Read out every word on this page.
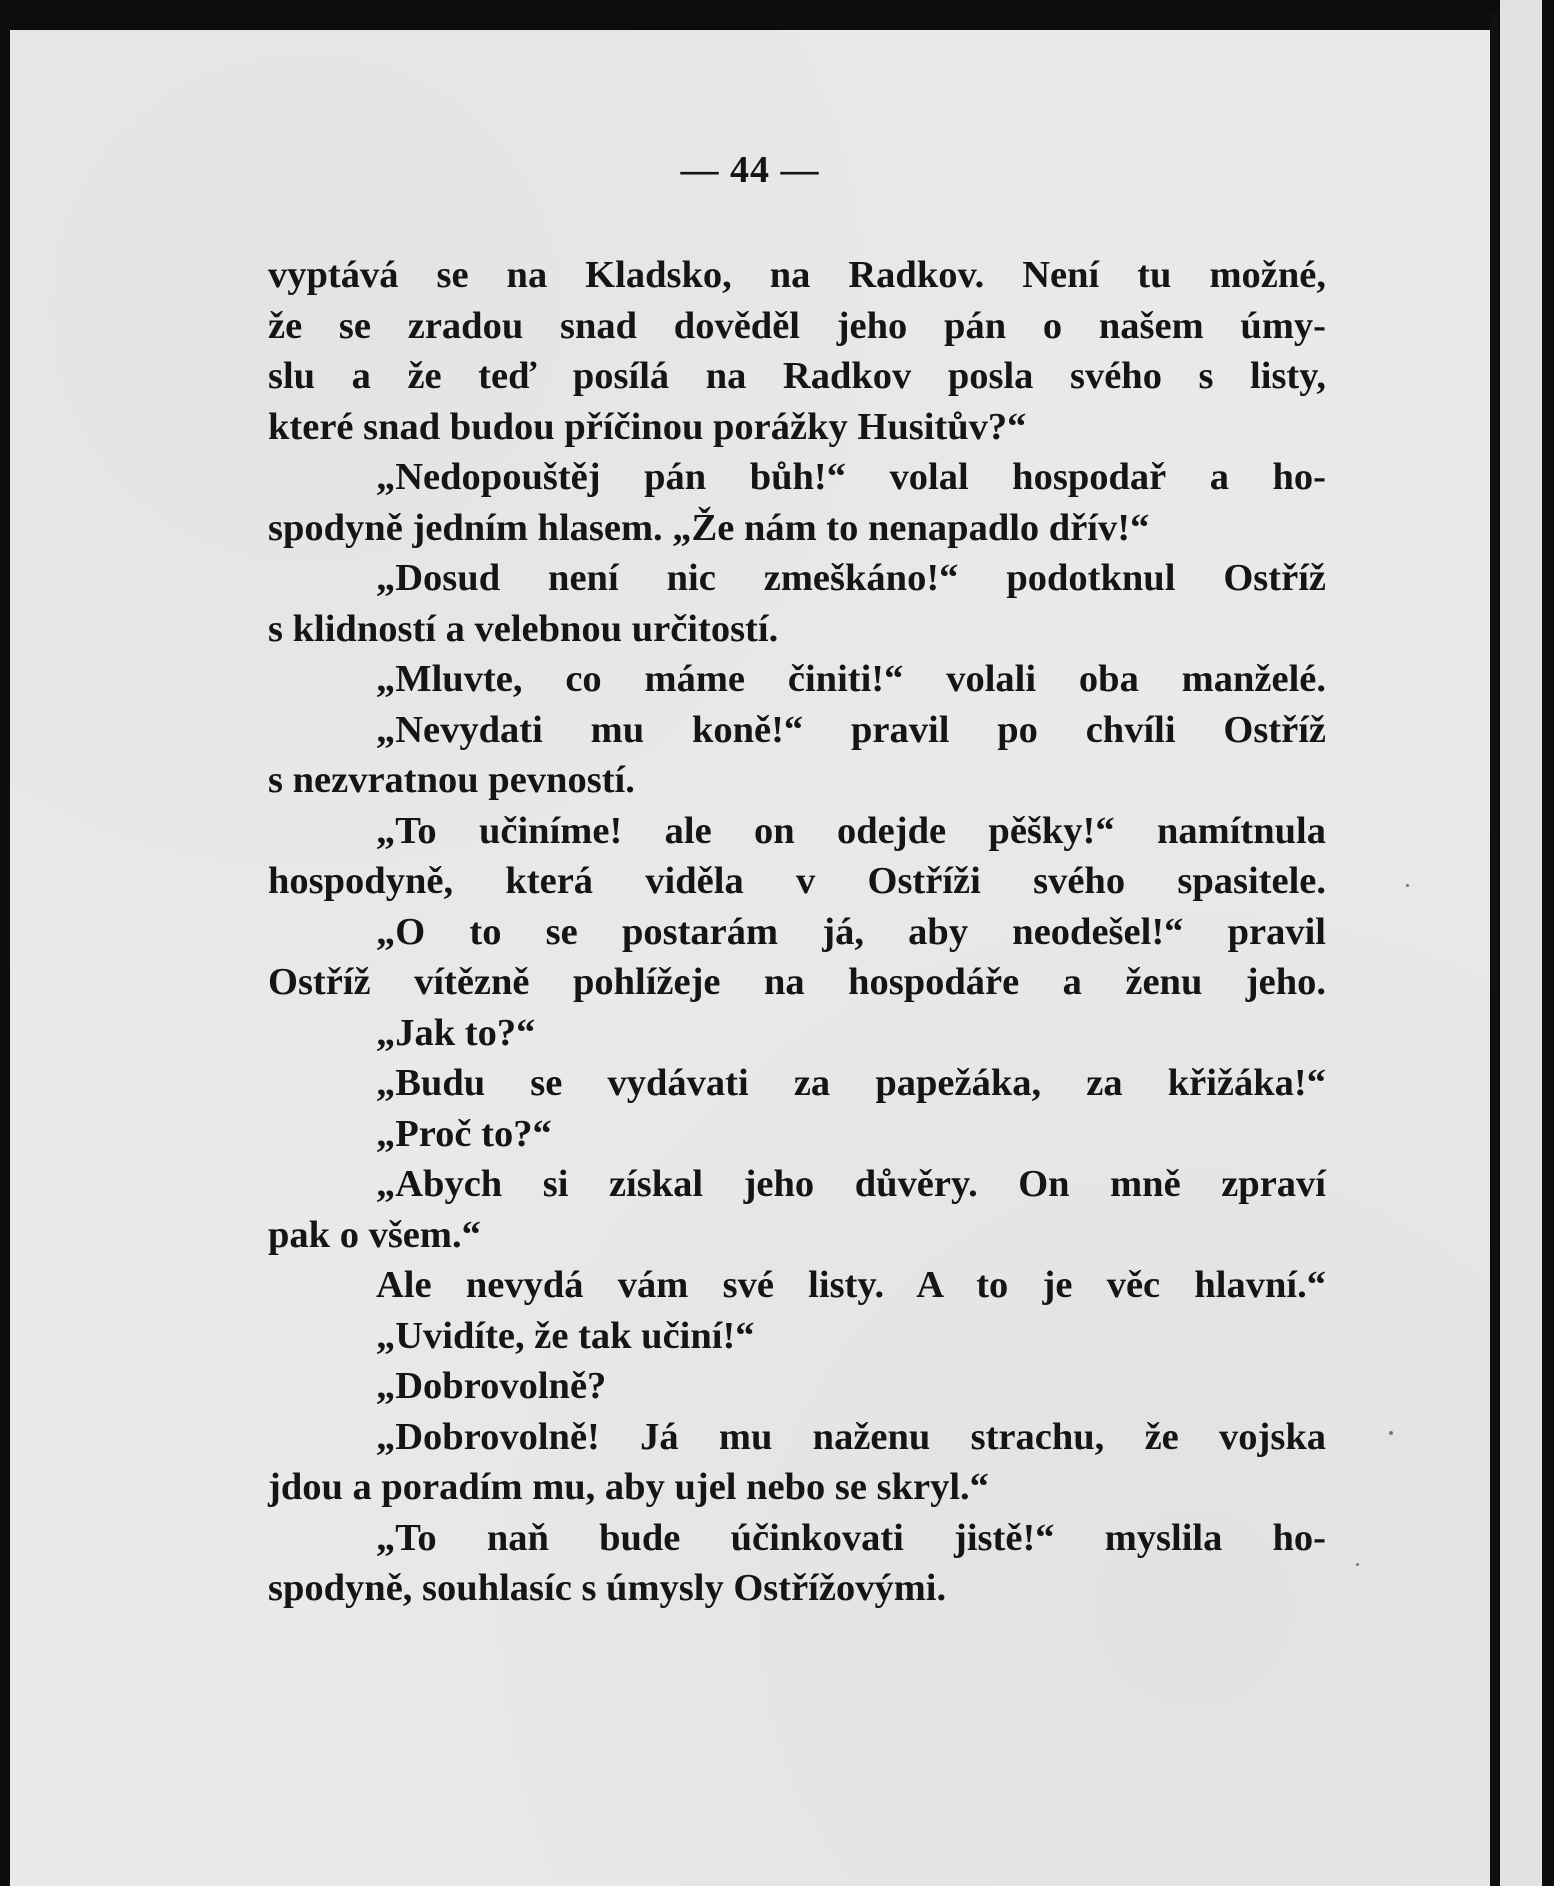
— 44 —
vyptává se na Kladsko, na Radkov. Není tu možné,
že se zradou snad dověděl jeho pán o našem úmy-
slu a že teď posílá na Radkov posla svého s listy,
které snad budou příčinou porážky Husitův?“
„Nedopouštěj pán bůh!“ volal hospodař a ho-
spodyně jedním hlasem. „Že nám to nenapadlo dřív!“
„Dosud není nic zmeškáno!“ podotknul Ostříž
s klidností a velebnou určitostí.
„Mluvte, co máme činiti!“ volali oba manželé.
„Nevydati mu koně!“ pravil po chvíli Ostříž
s nezvratnou pevností.
„To učiníme! ale on odejde pěšky!“ namítnula
hospodyně, která viděla v Ostříži svého spasitele.
„O to se postarám já, aby neodešel!“ pravil
Ostříž vítězně pohlížeje na hospodáře a ženu jeho.
„Jak to?“
„Budu se vydávati za papežáka, za křižáka!“
„Proč to?“
„Abych si získal jeho důvěry. On mně zpraví
pak o všem.“
Ale nevydá vám své listy. A to je věc hlavní.“
„Uvidíte, že tak učiní!“
„Dobrovolně?
„Dobrovolně! Já mu naženu strachu, že vojska
jdou a poradím mu, aby ujel nebo se skryl.“
„To naň bude účinkovati jistě!“ myslila ho-
spodyně, souhlasíc s úmysly Ostřížovými.
